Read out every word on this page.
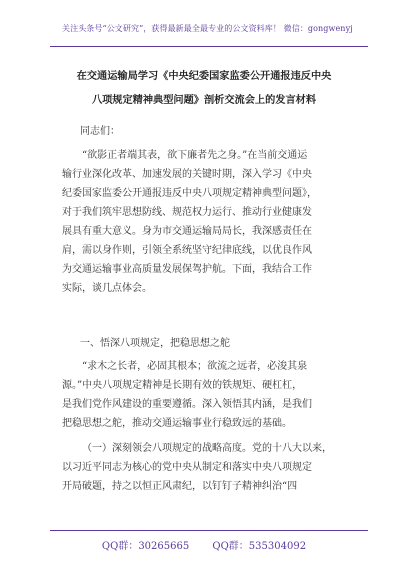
关注头条号“公文研究”，获得最新最全最专业的公文资料库！ 微信：gongwenyj
在交通运输局学习《中央纪委国家监委公开通报违反中央
八项规定精神典型问题》剖析交流会上的发言材料
同志们：
“欲影正者端其表，欲下廉者先之身。”在当前交通运
输行业深化改革、加速发展的关键时期，深入学习《中央
纪委国家监委公开通报违反中央八项规定精神典型问题》，
对于我们筑牢思想防线、规范权力运行、推动行业健康发
展具有重大意义。身为市交通运输局局长，我深感责任在
肩，需以身作则，引领全系统坚守纪律底线，以优良作风
为交通运输事业高质量发展保驾护航。下面，我结合工作
实际，谈几点体会。
一、悟深八项规定，把稳思想之舵
“求木之长者，必固其根本；欲流之远者，必浚其泉
源。”中央八项规定精神是长期有效的铁规矩、硬杠杠，
是我们党作风建设的重要遵循。深入领悟其内涵，是我们
把稳思想之舵，推动交通运输事业行稳致远的基础。
（一）深刻领会八项规定的战略高度。党的十八大以来，
以习近平同志为核心的党中央从制定和落实中央八项规定
开局破题，持之以恒正风肃纪，以钉钉子精神纠治“四
QQ群：30265665 QQ群：535304092
